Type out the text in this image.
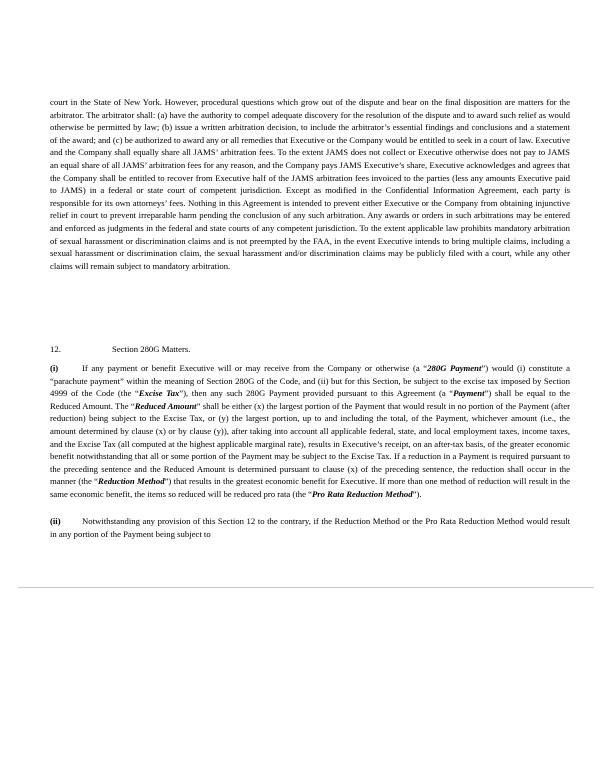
court in the State of New York. However, procedural questions which grow out of the dispute and bear on the final disposition are matters for the arbitrator. The arbitrator shall: (a) have the authority to compel adequate discovery for the resolution of the dispute and to award such relief as would otherwise be permitted by law; (b) issue a written arbitration decision, to include the arbitrator’s essential findings and conclusions and a statement of the award; and (c) be authorized to award any or all remedies that Executive or the Company would be entitled to seek in a court of law. Executive and the Company shall equally share all JAMS’ arbitration fees. To the extent JAMS does not collect or Executive otherwise does not pay to JAMS an equal share of all JAMS’ arbitration fees for any reason, and the Company pays JAMS Executive’s share, Executive acknowledges and agrees that the Company shall be entitled to recover from Executive half of the JAMS arbitration fees invoiced to the parties (less any amounts Executive paid to JAMS) in a federal or state court of competent jurisdiction. Except as modified in the Confidential Information Agreement, each party is responsible for its own attorneys’ fees. Nothing in this Agreement is intended to prevent either Executive or the Company from obtaining injunctive relief in court to prevent irreparable harm pending the conclusion of any such arbitration. Any awards or orders in such arbitrations may be entered and enforced as judgments in the federal and state courts of any competent jurisdiction. To the extent applicable law prohibits mandatory arbitration of sexual harassment or discrimination claims and is not preempted by the FAA, in the event Executive intends to bring multiple claims, including a sexual harassment or discrimination claim, the sexual harassment and/or discrimination claims may be publicly filed with a court, while any other claims will remain subject to mandatory arbitration.
12.	Section 280G Matters.
(i)	If any payment or benefit Executive will or may receive from the Company or otherwise (a “280G Payment”) would (i) constitute a “parachute payment” within the meaning of Section 280G of the Code, and (ii) but for this Section, be subject to the excise tax imposed by Section 4999 of the Code (the “Excise Tax”), then any such 280G Payment provided pursuant to this Agreement (a “Payment”) shall be equal to the Reduced Amount. The “Reduced Amount” shall be either (x) the largest portion of the Payment that would result in no portion of the Payment (after reduction) being subject to the Excise Tax, or (y) the largest portion, up to and including the total, of the Payment, whichever amount (i.e., the amount determined by clause (x) or by clause (y)), after taking into account all applicable federal, state, and local employment taxes, income taxes, and the Excise Tax (all computed at the highest applicable marginal rate), results in Executive’s receipt, on an after-tax basis, of the greater economic benefit notwithstanding that all or some portion of the Payment may be subject to the Excise Tax. If a reduction in a Payment is required pursuant to the preceding sentence and the Reduced Amount is determined pursuant to clause (x) of the preceding sentence, the reduction shall occur in the manner (the “Reduction Method”) that results in the greatest economic benefit for Executive. If more than one method of reduction will result in the same economic benefit, the items so reduced will be reduced pro rata (the “Pro Rata Reduction Method”).
(ii) Notwithstanding any provision of this Section 12 to the contrary, if the Reduction Method or the Pro Rata Reduction Method would result in any portion of the Payment being subject to
